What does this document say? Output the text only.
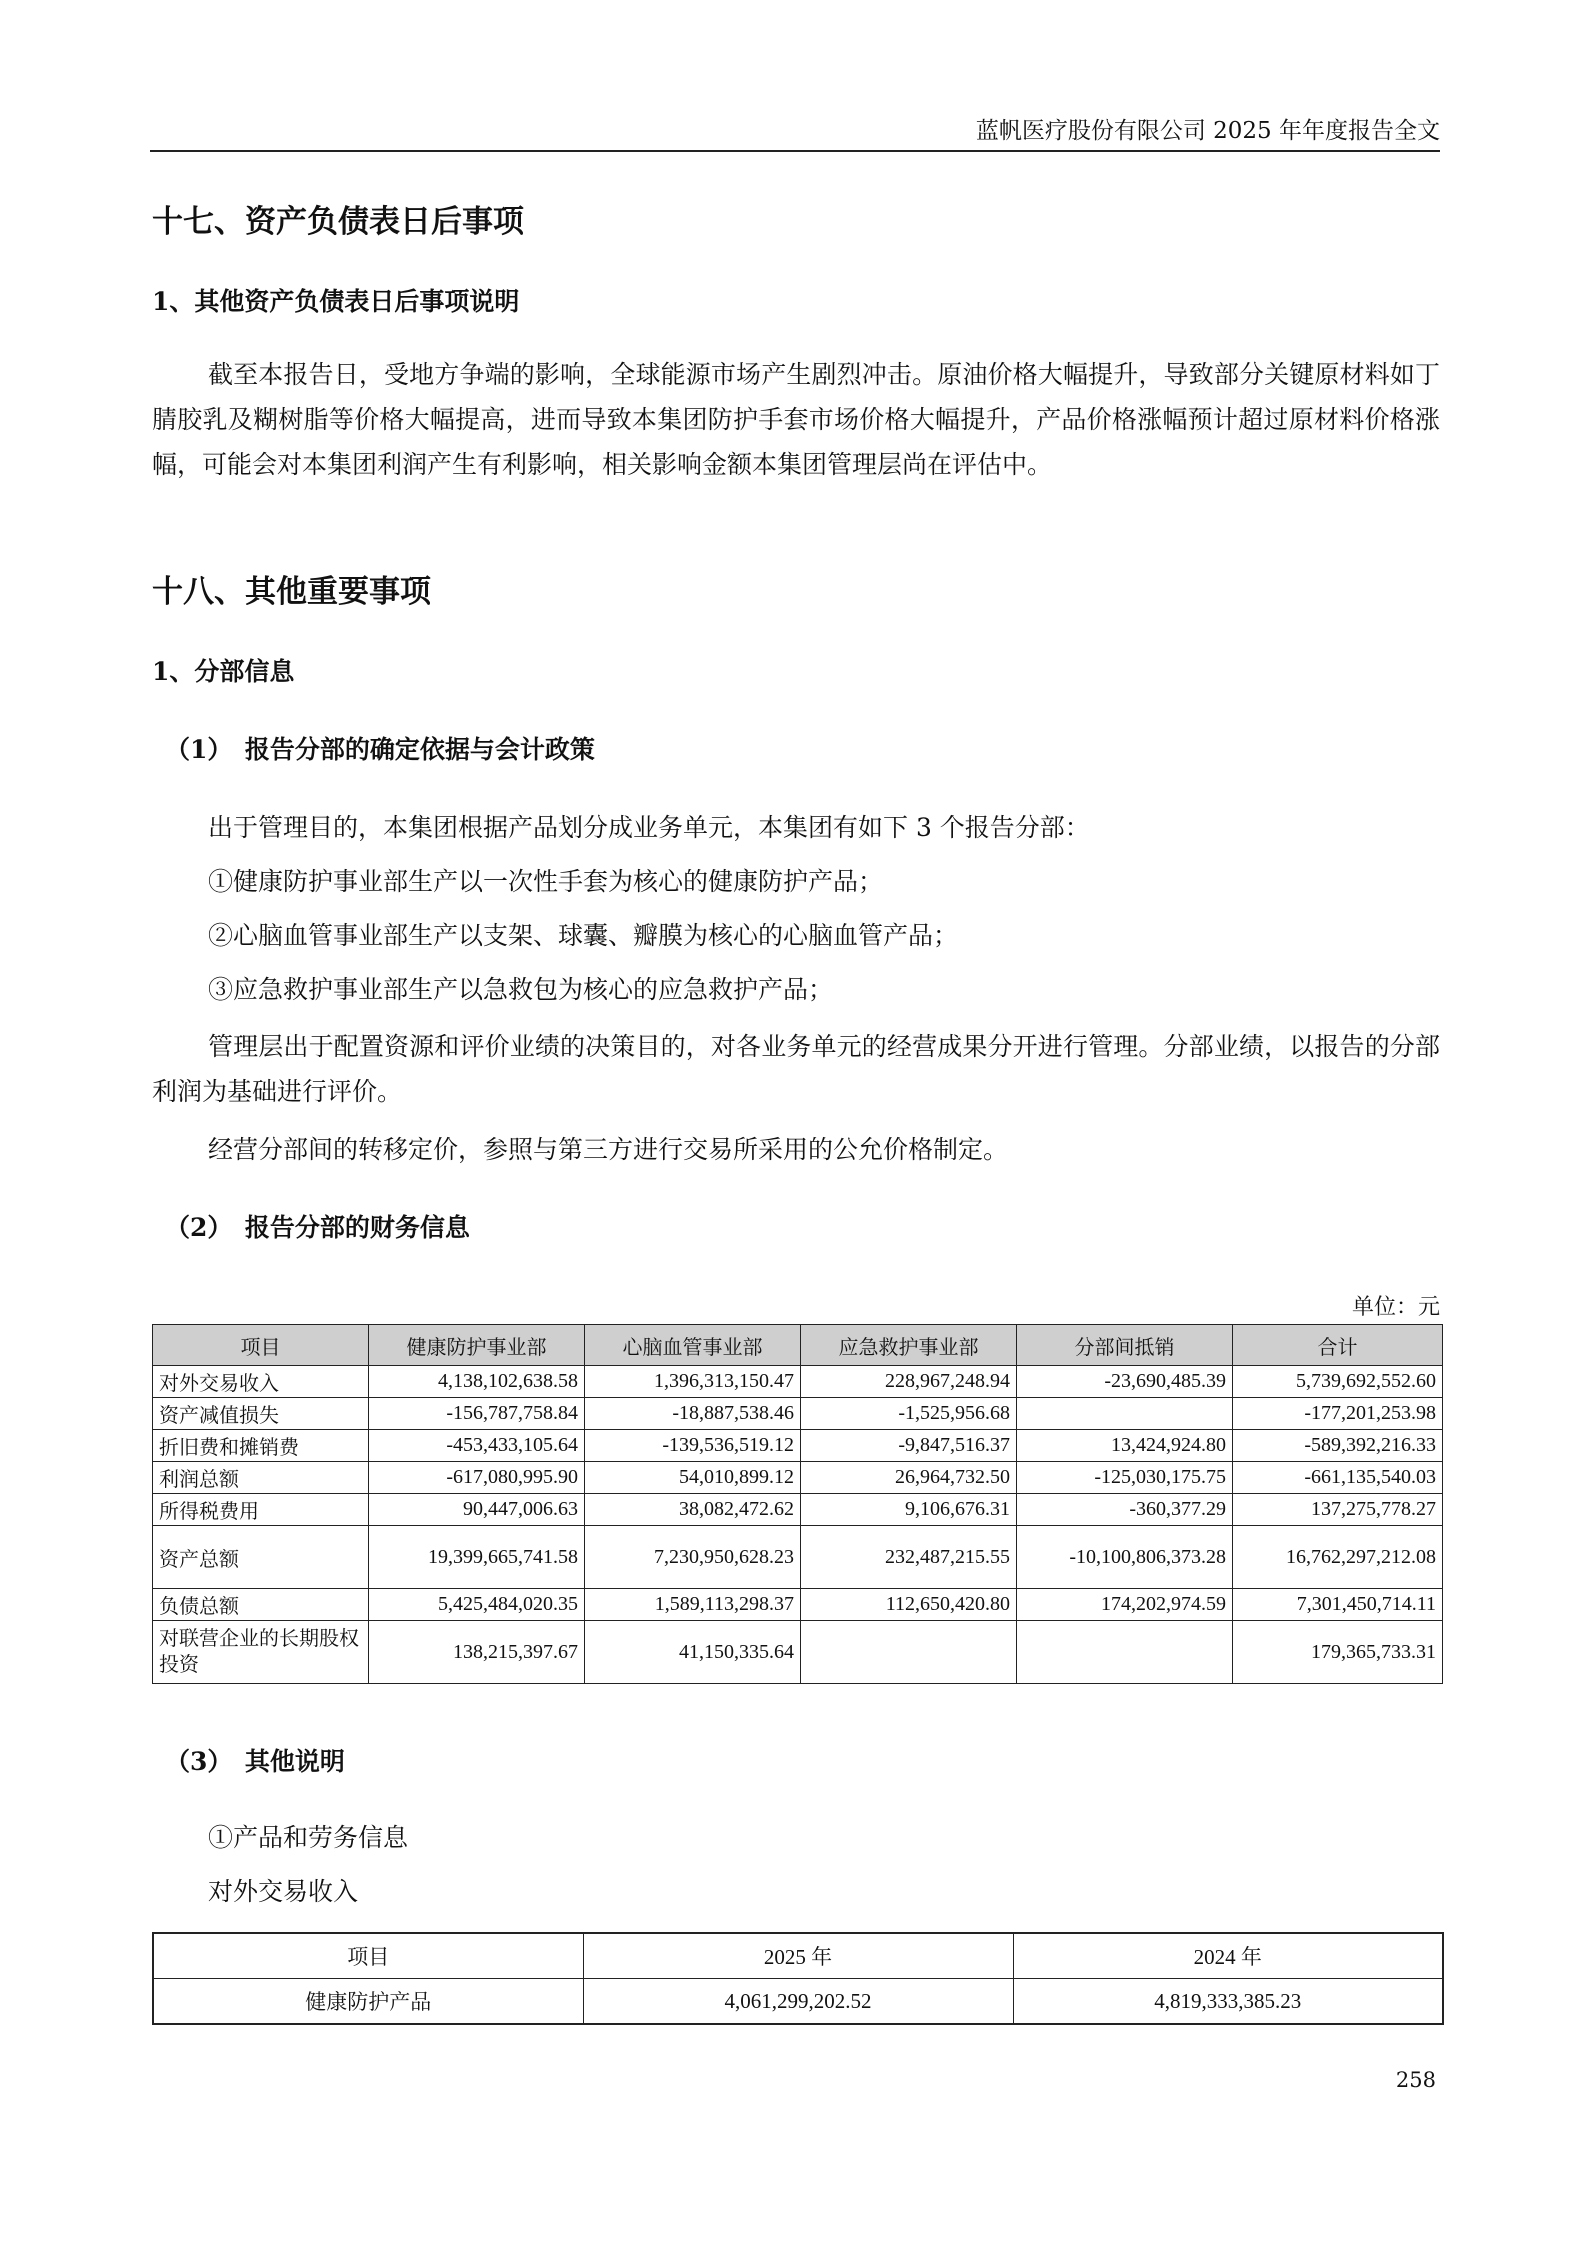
蓝帆医疗股份有限公司 2025 年年度报告全文
十七、资产负债表日后事项
1、其他资产负债表日后事项说明
截至本报告日，受地方争端的影响，全球能源市场产生剧烈冲击。原油价格大幅提升，导致部分关键原材料如丁腈胶乳及糊树脂等价格大幅提高，进而导致本集团防护手套市场价格大幅提升，产品价格涨幅预计超过原材料价格涨幅，可能会对本集团利润产生有利影响，相关影响金额本集团管理层尚在评估中。
十八、其他重要事项
1、分部信息
（1）　报告分部的确定依据与会计政策
出于管理目的，本集团根据产品划分成业务单元，本集团有如下 3 个报告分部：
①健康防护事业部生产以一次性手套为核心的健康防护产品；
②心脑血管事业部生产以支架、球囊、瓣膜为核心的心脑血管产品；
③应急救护事业部生产以急救包为核心的应急救护产品；
管理层出于配置资源和评价业绩的决策目的，对各业务单元的经营成果分开进行管理。分部业绩，以报告的分部利润为基础进行评价。
经营分部间的转移定价，参照与第三方进行交易所采用的公允价格制定。
（2）　报告分部的财务信息
单位：元
项目	健康防护事业部	心脑血管事业部	应急救护事业部	分部间抵销	合计
对外交易收入	4,138,102,638.58	1,396,313,150.47	228,967,248.94	-23,690,485.39	5,739,692,552.60
资产减值损失	-156,787,758.84	-18,887,538.46	-1,525,956.68		-177,201,253.98
折旧费和摊销费	-453,433,105.64	-139,536,519.12	-9,847,516.37	13,424,924.80	-589,392,216.33
利润总额	-617,080,995.90	54,010,899.12	26,964,732.50	-125,030,175.75	-661,135,540.03
所得税费用	90,447,006.63	38,082,472.62	9,106,676.31	-360,377.29	137,275,778.27
资产总额	19,399,665,741.58	7,230,950,628.23	232,487,215.55	-10,100,806,373.28	16,762,297,212.08
负债总额	5,425,484,020.35	1,589,113,298.37	112,650,420.80	174,202,974.59	7,301,450,714.11
对联营企业的长期股权投资	138,215,397.67	41,150,335.64			179,365,733.31
（3）　其他说明
①产品和劳务信息
对外交易收入
项目	2025 年	2024 年
健康防护产品	4,061,299,202.52	4,819,333,385.23
258
